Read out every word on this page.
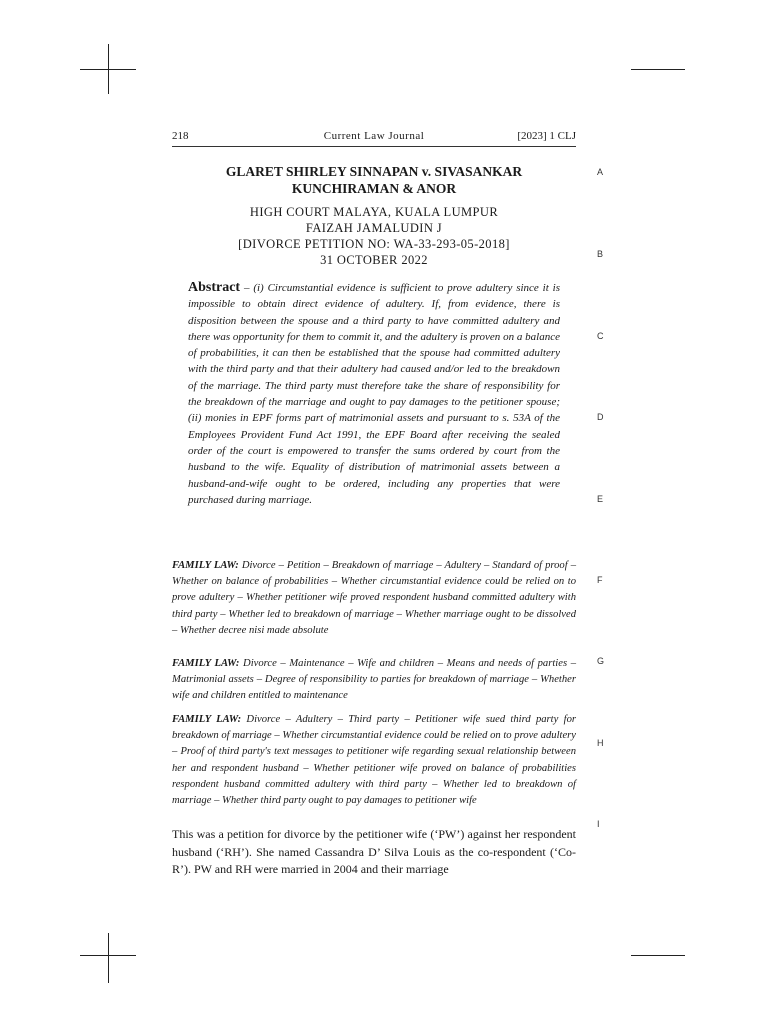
218	Current Law Journal	[2023] 1 CLJ
GLARET SHIRLEY SINNAPAN v. SIVASANKAR KUNCHIRAMAN & ANOR
HIGH COURT MALAYA, KUALA LUMPUR
FAIZAH JAMALUDIN J
[DIVORCE PETITION NO: WA-33-293-05-2018]
31 OCTOBER 2022
Abstract – (i) Circumstantial evidence is sufficient to prove adultery since it is impossible to obtain direct evidence of adultery. If, from evidence, there is disposition between the spouse and a third party to have committed adultery and there was opportunity for them to commit it, and the adultery is proven on a balance of probabilities, it can then be established that the spouse had committed adultery with the third party and that their adultery had caused and/or led to the breakdown of the marriage. The third party must therefore take the share of responsibility for the breakdown of the marriage and ought to pay damages to the petitioner spouse; (ii) monies in EPF forms part of matrimonial assets and pursuant to s. 53A of the Employees Provident Fund Act 1991, the EPF Board after receiving the sealed order of the court is empowered to transfer the sums ordered by court from the husband to the wife. Equality of distribution of matrimonial assets between a husband-and-wife ought to be ordered, including any properties that were purchased during marriage.
FAMILY LAW: Divorce – Petition – Breakdown of marriage – Adultery – Standard of proof – Whether on balance of probabilities – Whether circumstantial evidence could be relied on to prove adultery – Whether petitioner wife proved respondent husband committed adultery with third party – Whether led to breakdown of marriage – Whether marriage ought to be dissolved – Whether decree nisi made absolute
FAMILY LAW: Divorce – Maintenance – Wife and children – Means and needs of parties – Matrimonial assets – Degree of responsibility to parties for breakdown of marriage – Whether wife and children entitled to maintenance
FAMILY LAW: Divorce – Adultery – Third party – Petitioner wife sued third party for breakdown of marriage – Whether circumstantial evidence could be relied on to prove adultery – Proof of third party's text messages to petitioner wife regarding sexual relationship between her and respondent husband – Whether petitioner wife proved on balance of probabilities respondent husband committed adultery with third party – Whether led to breakdown of marriage – Whether third party ought to pay damages to petitioner wife
This was a petition for divorce by the petitioner wife (‘PW’) against her respondent husband (‘RH’). She named Cassandra D’ Silva Louis as the co-respondent (‘Co-R’). PW and RH were married in 2004 and their marriage
A
B
C
D
E
F
G
H
I
